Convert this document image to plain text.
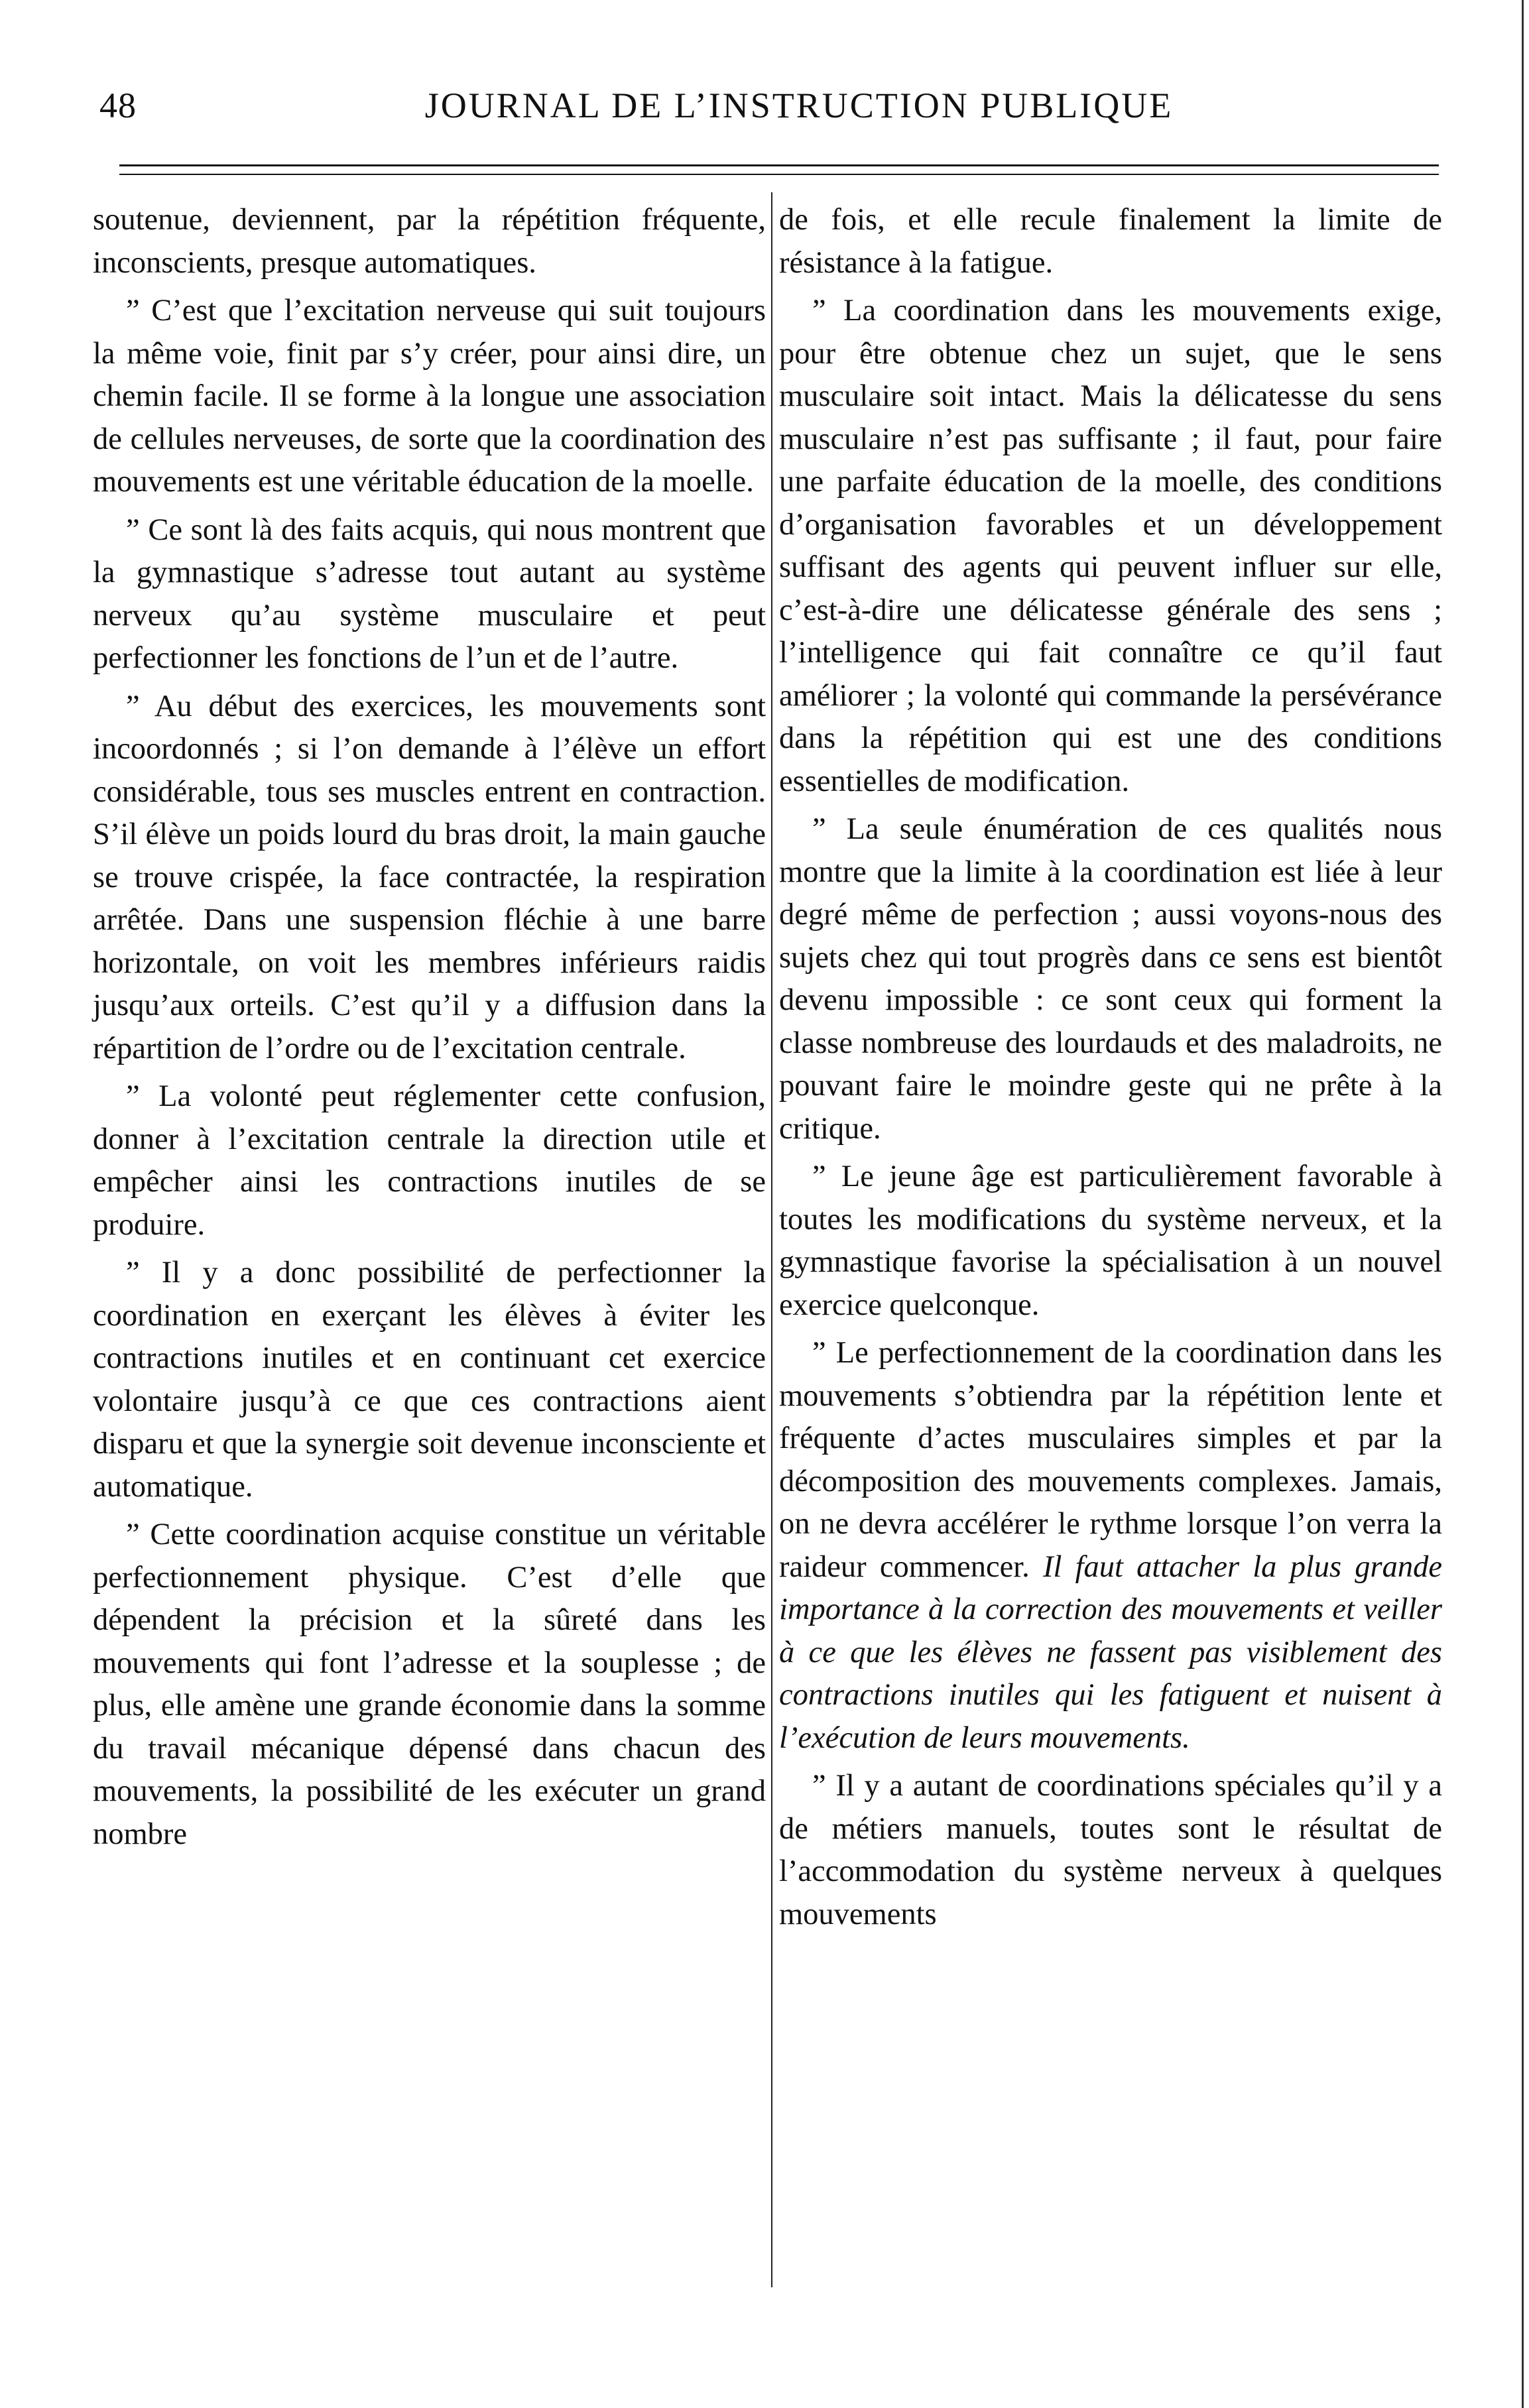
48	JOURNAL DE L’INSTRUCTION PUBLIQUE

soutenue, deviennent, par la répétition fréquente, inconscients, presque automatiques.

” C’est que l’excitation nerveuse qui suit toujours la même voie, finit par s’y créer, pour ainsi dire, un chemin facile. Il se forme à la longue une association de cellules nerveuses, de sorte que la coordination des mouvements est une véritable éducation de la moelle.

” Ce sont là des faits acquis, qui nous montrent que la gymnastique s’adresse tout autant au système nerveux qu’au système musculaire et peut perfectionner les fonctions de l’un et de l’autre.

” Au début des exercices, les mouvements sont incoordonnés ; si l’on demande à l’élève un effort considérable, tous ses muscles entrent en contraction. S’il élève un poids lourd du bras droit, la main gauche se trouve crispée, la face contractée, la respiration arrêtée. Dans une suspension fléchie à une barre horizontale, on voit les membres inférieurs raidis jusqu’aux orteils. C’est qu’il y a diffusion dans la répartition de l’ordre ou de l’excitation centrale.

” La volonté peut réglementer cette confusion, donner à l’excitation centrale la direction utile et empêcher ainsi les contractions inutiles de se produire.

” Il y a donc possibilité de perfectionner la coordination en exerçant les élèves à éviter les contractions inutiles et en continuant cet exercice volontaire jusqu’à ce que ces contractions aient disparu et que la synergie soit devenue inconsciente et automatique.

” Cette coordination acquise constitue un véritable perfectionnement physique. C’est d’elle que dépendent la précision et la sûreté dans les mouvements qui font l’adresse et la souplesse ; de plus, elle amène une grande économie dans la somme du travail mécanique dépensé dans chacun des mouvements, la possibilité de les exécuter un grand nombre

de fois, et elle recule finalement la limite de résistance à la fatigue.

” La coordination dans les mouvements exige, pour être obtenue chez un sujet, que le sens musculaire soit intact. Mais la délicatesse du sens musculaire n’est pas suffisante ; il faut, pour faire une parfaite éducation de la moelle, des conditions d’organisation favorables et un développement suffisant des agents qui peuvent influer sur elle, c’est-à-dire une délicatesse générale des sens ; l’intelligence qui fait connaître ce qu’il faut améliorer ; la volonté qui commande la persévérance dans la répétition qui est une des conditions essentielles de modification.

” La seule énumération de ces qualités nous montre que la limite à la coordination est liée à leur degré même de perfection ; aussi voyons-nous des sujets chez qui tout progrès dans ce sens est bientôt devenu impossible : ce sont ceux qui forment la classe nombreuse des lourdauds et des maladroits, ne pouvant faire le moindre geste qui ne prête à la critique.

” Le jeune âge est particulièrement favorable à toutes les modifications du système nerveux, et la gymnastique favorise la spécialisation à un nouvel exercice quelconque.

” Le perfectionnement de la coordination dans les mouvements s’obtiendra par la répétition lente et fréquente d’actes musculaires simples et par la décomposition des mouvements complexes. Jamais, on ne devra accélérer le rythme lorsque l’on verra la raideur commencer. Il faut attacher la plus grande importance à la correction des mouvements et veiller à ce que les élèves ne fassent pas visiblement des contractions inutiles qui les fatiguent et nuisent à l’exécution de leurs mouvements.

” Il y a autant de coordinations spéciales qu’il y a de métiers manuels, toutes sont le résultat de l’accommodation du système nerveux à quelques mouvements
